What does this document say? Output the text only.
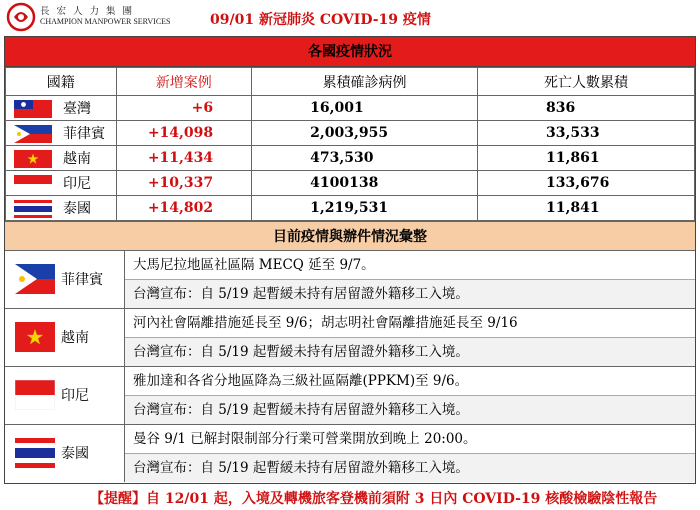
長宏人力集團
CHAMPION MANPOWER SERVICES	09/01 新冠肺炎 COVID-19 疫情
各國疫情狀況
國籍	新增案例	累積確診病例	死亡人數累積

臺灣	+6	16,001	836

菲律賓	+14,098	2,003,955	33,533

越南	+11,434	473,530	11,861

印尼	+10,337	4100138	133,676

泰國	+14,802	1,219,531	11,841
目前疫情與辦件情況彙整
菲律賓
大馬尼拉地區社區隔 MECQ 延至 9/7。
台灣宣布：自 5/19 起暫緩未持有居留證外籍移工入境。
越南
河內社會隔離措施延長至 9/6；胡志明社會隔離措施延長至 9/16
台灣宣布：自 5/19 起暫緩未持有居留證外籍移工入境。
印尼
雅加達和各省分地區降為三級社區隔離(PPKM)至 9/6。
台灣宣布：自 5/19 起暫緩未持有居留證外籍移工入境。
泰國
曼谷 9/1 已解封限制部分行業可營業開放到晚上 20:00。
台灣宣布：自 5/19 起暫緩未持有居留證外籍移工入境。
【提醒】自 12/01 起，入境及轉機旅客登機前須附 3 日內 COVID-19 核酸檢驗陰性報告
